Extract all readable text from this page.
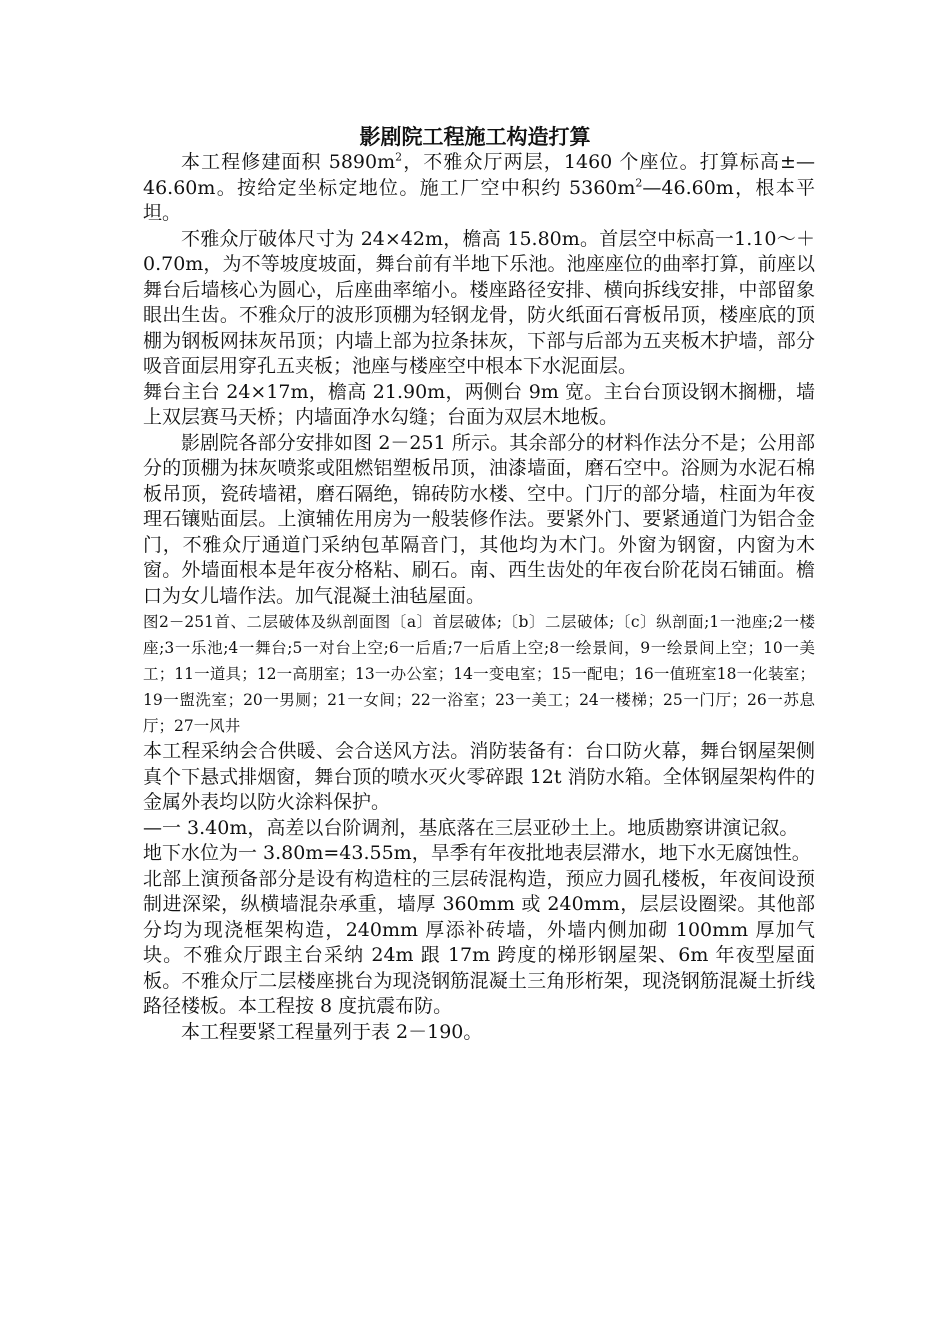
影剧院工程施工构造打算

本工程修建面积 $5890m^2$，不雅众厅两层，1460 个座位。打算标高±—46.60m。按给定坐标定地位。施工厂空中积约 $5360m^2—46.60m$，根本平坦。

不雅众厅破体尺寸为 24×42m，檐高 15.80m。首层空中标高一1.10～＋0.70m，为不等坡度坡面，舞台前有半地下乐池。池座座位的曲率打算，前座以舞台后墙核心为圆心，后座曲率缩小。楼座路径安排、横向拆线安排，中部留象眼出生齿。不雅众厅的波形顶棚为轻钢龙骨，防火纸面石膏板吊顶，楼座底的顶棚为钢板网抹灰吊顶；内墙上部为拉条抹灰，下部与后部为五夹板木护墙，部分吸音面层用穿孔五夹板；池座与楼座空中根本下水泥面层。

舞台主台 24×17m，檐高 21.90m，两侧台 9m 宽。主台台顶设钢木搁栅，墙上双层赛马天桥；内墙面净水勾缝；台面为双层木地板。

影剧院各部分安排如图 2－251 所示。其余部分的材料作法分不是；公用部分的顶棚为抹灰喷浆或阻燃铝塑板吊顶，油漆墙面，磨石空中。浴厕为水泥石棉板吊顶，瓷砖墙裙，磨石隔绝，锦砖防水楼、空中。门厅的部分墙，柱面为年夜理石镶贴面层。上演辅佐用房为一般装修作法。要紧外门、要紧通道门为铝合金门，不雅众厅通道门采纳包革隔音门，其他均为木门。外窗为钢窗，内窗为木窗。外墙面根本是年夜分格粘、刷石。南、西生齿处的年夜台阶花岗石铺面。檐口为女儿墙作法。加气混凝土油毡屋面。

图2－251首、二层破体及纵剖面图〔a〕首层破体;〔b〕二层破体;〔c〕纵剖面;1一池座;2一楼座;3一乐池;4一舞台;5一对台上空;6一后盾;7一后盾上空;8一绘景间，9一绘景间上空；10一美工；11一道具；12一高朋室；13一办公室；14一变电室；15一配电；16一值班室18一化装室；19一盥洗室；20一男厕；21一女间；22一浴室；23一美工；24一楼梯；25一门厅；26一苏息厅；27一风井

本工程采纳会合供暖、会合送风方法。消防装备有：台口防火幕，舞台钢屋架侧真个下悬式排烟窗，舞台顶的喷水灭火零碎跟 12t 消防水箱。全体钢屋架构件的金属外表均以防火涂料保护。

—一 3.40m，高差以台阶调剂，基底落在三层亚砂土上。地质勘察讲演记叙。

地下水位为一 3.80m=43.55m，旱季有年夜批地表层滞水，地下水无腐蚀性。

北部上演预备部分是设有构造柱的三层砖混构造，预应力圆孔楼板，年夜间设预制进深梁，纵横墙混杂承重，墙厚 360mm 或 240mm，层层设圈梁。其他部分均为现浇框架构造，240mm 厚添补砖墙，外墙内侧加砌 100mm 厚加气块。不雅众厅跟主台采纳 24m 跟 17m 跨度的梯形钢屋架、6m 年夜型屋面板。不雅众厅二层楼座挑台为现浇钢筋混凝土三角形桁架，现浇钢筋混凝土折线路径楼板。本工程按 8 度抗震布防。

本工程要紧工程量列于表 2－190。
